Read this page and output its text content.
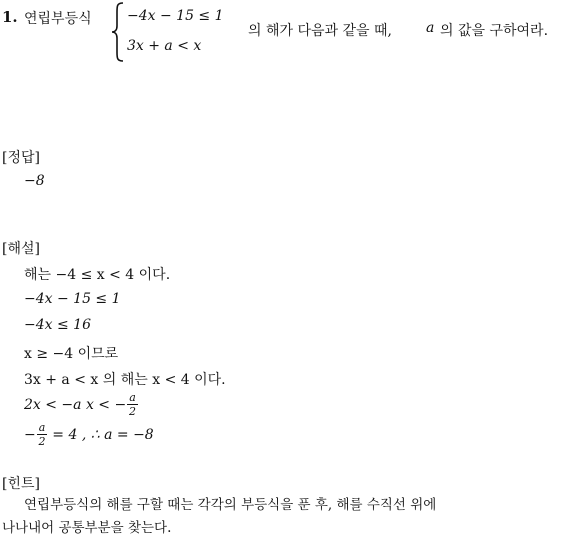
1. 연립부등식	−4x − 15 ≤ 1
3x + a < x
의 해가 다음과 같을 때, a 의 값을 구하여라.
[정답]
−8
[해설]
해는 −4 ≤ x < 4 이다.
−4x − 15 ≤ 1
−4x ≤ 16
x ≥ −4 이므로
3x + a < x 의 해는 x < 4 이다.
2x < −a x < − $\frac{a}{2}$
− $\frac{a}{2} = 4$ , ∴ a = −8
[힌트]
연립부등식의 해를 구할 때는 각각의 부등식을 푼 후, 해를 수직선 위에
나나내어 공통부분을 찾는다.
